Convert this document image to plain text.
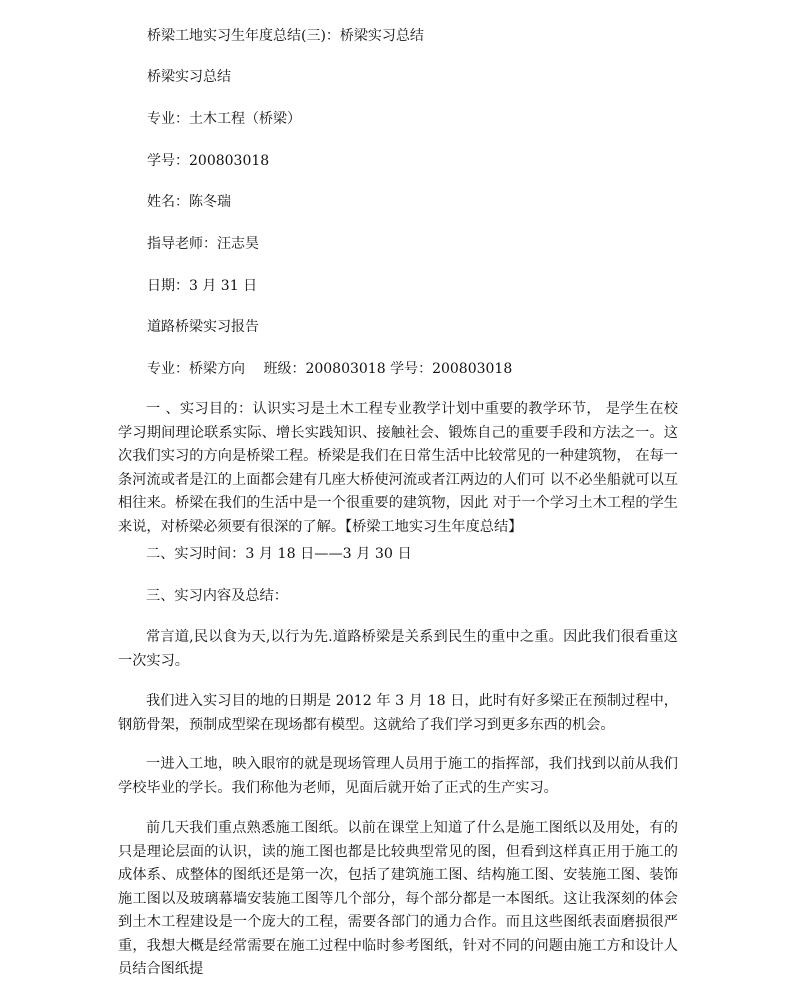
桥梁工地实习生年度总结(三)：桥梁实习总结
桥梁实习总结
专业：土木工程（桥梁）
学号：200803018
姓名：陈冬瑞
指导老师：汪志昊
日期：3 月 31 日
道路桥梁实习报告
专业：桥梁方向　 班级：200803018 学号：200803018

一 、实习目的：认识实习是土木工程专业教学计划中重要的教学环节， 是学生在校学习期间理论联系实际、增长实践知识、接触社会、锻炼自己的重要手段和方法之一。这次我们实习的方向是桥梁工程。桥梁是我们在日常生活中比较常见的一种建筑物， 在每一条河流或者是江的上面都会建有几座大桥使河流或者江两边的人们可 以不必坐船就可以互相往来。桥梁在我们的生活中是一个很重要的建筑物，因此 对于一个学习土木工程的学生来说，对桥梁必须要有很深的了解。【桥梁工地实习生年度总结】

二、实习时间：3 月 18 日——3 月 30 日

三、实习内容及总结：

常言道,民以食为天,以行为先.道路桥梁是关系到民生的重中之重。因此我们很看重这一次实习。

我们进入实习目的地的日期是 2012 年 3 月 18 日，此时有好多梁正在预制过程中，钢筋骨架，预制成型梁在现场都有模型。这就给了我们学习到更多东西的机会。

一进入工地，映入眼帘的就是现场管理人员用于施工的指挥部，我们找到以前从我们学校毕业的学长。我们称他为老师，见面后就开始了正式的生产实习。

前几天我们重点熟悉施工图纸。以前在课堂上知道了什么是施工图纸以及用处，有的只是理论层面的认识，读的施工图也都是比较典型常见的图，但看到这样真正用于施工的成体系、成整体的图纸还是第一次，包括了建筑施工图、结构施工图、安装施工图、装饰施工图以及玻璃幕墙安装施工图等几个部分，每个部分都是一本图纸。这让我深刻的体会到土木工程建设是一个庞大的工程，需要各部门的通力合作。而且这些图纸表面磨损很严重，我想大概是经常需要在施工过程中临时参考图纸，针对不同的问题由施工方和设计人员结合图纸提
